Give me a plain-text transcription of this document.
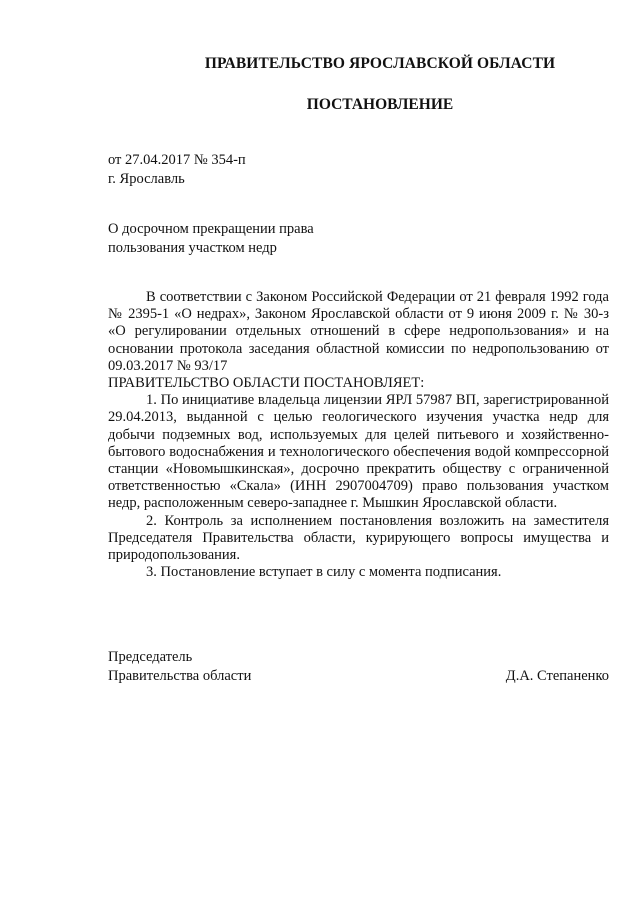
ПРАВИТЕЛЬСТВО ЯРОСЛАВСКОЙ ОБЛАСТИ
ПОСТАНОВЛЕНИЕ
от 27.04.2017 № 354-п
г. Ярославль
О досрочном прекращении права
пользования участком недр

В соответствии с Законом Российской Федерации от 21 февраля 1992 года № 2395-1 «О недрах», Законом Ярославской области от 9 июня 2009 г. № 30-з «О регулировании отдельных отношений в сфере недропользования» и на основании протокола заседания областной комиссии по недропользованию от 09.03.2017 № 93/17

ПРАВИТЕЛЬСТВО ОБЛАСТИ ПОСТАНОВЛЯЕТ:

1. По инициативе владельца лицензии ЯРЛ 57987 ВП, зарегистрированной 29.04.2013, выданной с целью геологического изучения участка недр для добычи подземных вод, используемых для целей питьевого и хозяйственно-бытового водоснабжения и технологического обеспечения водой компрессорной станции «Новомышкинская», досрочно прекратить обществу с ограниченной ответственностью «Скала» (ИНН 2907004709) право пользования участком недр, расположенным северо-западнее г. Мышкин Ярославской области.

2. Контроль за исполнением постановления возложить на заместителя Председателя Правительства области, курирующего вопросы имущества и природопользования.

3. Постановление вступает в силу с момента подписания.

Председатель
Правительства области	Д.А. Степаненко
